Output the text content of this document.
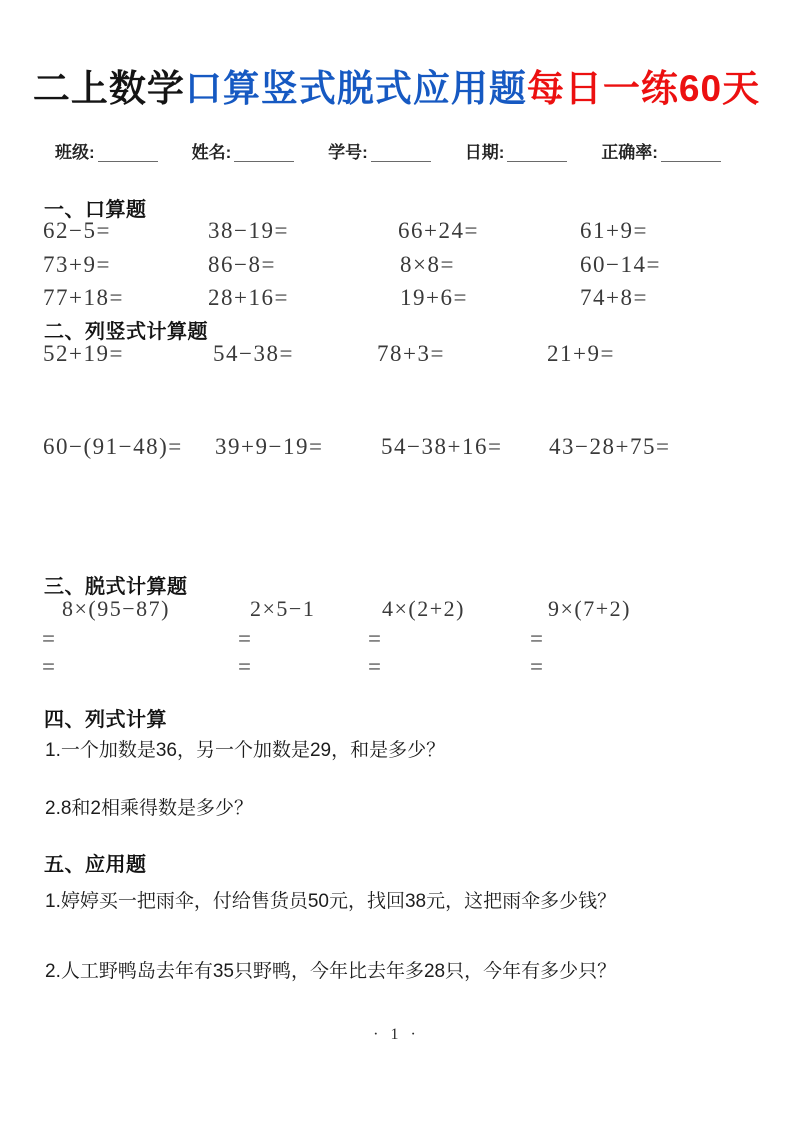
二上数学口算竖式脱式应用题每日一练60天
班级:	姓名:	学号:	日期:	正确率:
一、口算题
62−5=	38−19=	66+24=	61+9=
73+9=	86−8=	8×8=	60−14=
77+18=	28+16=	19+6=	74+8=
二、列竖式计算题
52+19=	54−38=	78+3=	21+9=
60−(91−48)= 39+9−19=	54−38+16= 43−28+75=
三、脱式计算题
8×(95−87)	2×5−1	4×(2+2)	9×(7+2)
=	=	=	=
=	=	=	=
四、列式计算

1.一个加数是36，另一个加数是29，和是多少？

2.8和2相乘得数是多少？

五、应用题

1.婷婷买一把雨伞，付给售货员50元，找回38元，这把雨伞多少钱？

2.人工野鸭岛去年有35只野鸭，今年比去年多28只，今年有多少只？

· 1 ·
